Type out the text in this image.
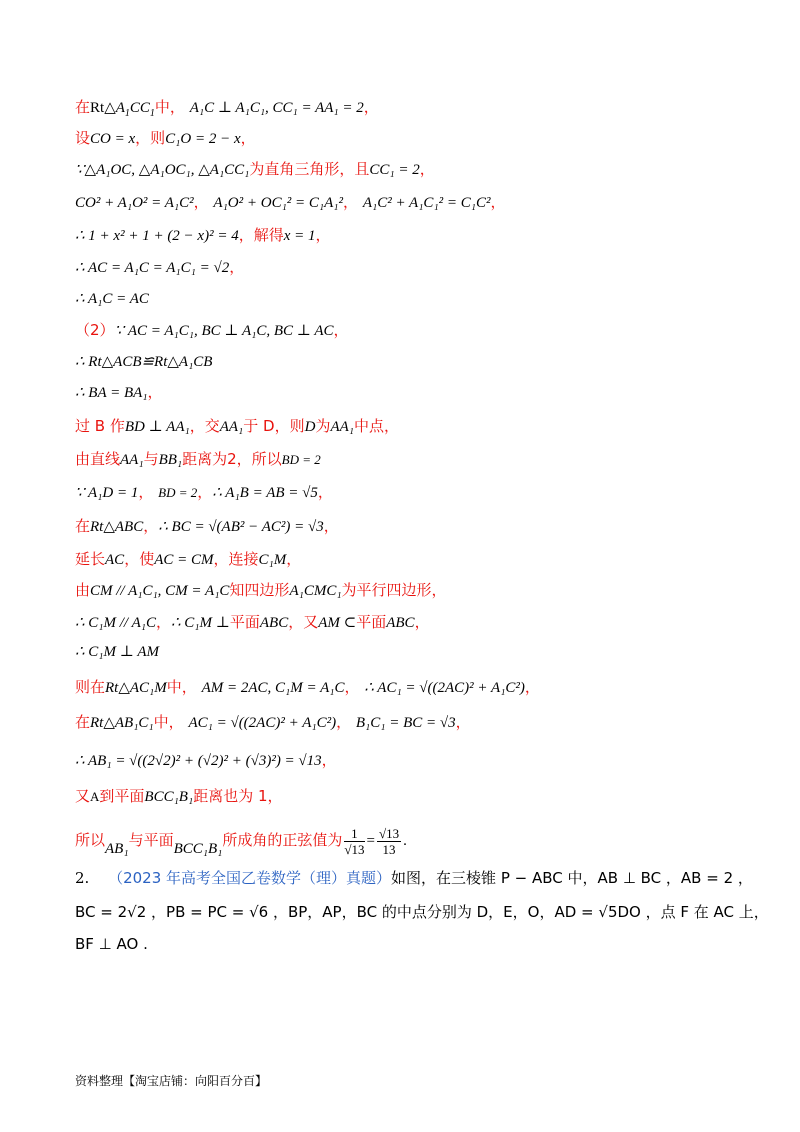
在$Rt\triangle A_1CC_1$中， A₁C ⊥ A₁C₁, CC₁ = AA₁ = 2，
设CO = x，则C₁O = 2 − x，
∵△A₁OC, △A₁OC₁, △A₁CC₁为直角三角形，且CC₁ = 2，
CO² + A₁O² = A₁C²， A₁O² + OC₁² = C₁A₁²， A₁C² + A₁C₁² = C₁C²，
∴ 1 + x² + 1 + (2 − x)² = 4，解得x = 1，
∴ AC = A₁C = A₁C₁ = √2，
∴ A₁C = AC
（2）∵ AC = A₁C₁, BC ⊥ A₁C, BC ⊥ AC，
∴ Rt△ACB≌Rt△A₁CB
∴ BA = BA₁，
过 B 作BD ⊥ AA₁，交AA₁于 D，则D为AA₁中点，
由直线AA₁与BB₁距离为2，所以BD = 2
∵ A₁D = 1， BD = 2，∴ A₁B = AB = √5，
在Rt△ABC，∴ BC = √(AB² − AC²) = √3，
延长AC，使AC = CM，连接C₁M，
由CM // A₁C₁, CM = A₁C知四边形A₁CMC₁为平行四边形，
∴ C₁M // A₁C，∴ C₁M ⊥平面ABC，又AM ⊂平面ABC，
∴ C₁M ⊥ AM
则在Rt△AC₁M中， AM = 2AC, C₁M = A₁C， ∴ AC₁ = √((2AC)² + A₁C²)，
在Rt△AB₁C₁中， AC₁ = √((2AC)² + A₁C²)， B₁C₁ = BC = √3，
∴ AB₁ = √((2√2)² + (√2)² + (√3)²) = √13，
又A到平面BCC₁B₁距离也为 1，
所以AB₁与平面BCC₁B₁所成角的正弦值为 $\frac{1}{√13} = \frac{√13}{13}$ .
2. （2023 年高考全国乙卷数学（理）真题）如图，在三棱锥 P − ABC 中，AB ⊥ BC ，AB = 2 ，
BC = 2√2 ，PB = PC = √6 ，BP，AP，BC 的中点分别为 D，E，O，AD = √5DO ，点 F 在 AC 上，
BF ⊥ AO .
资料整理【淘宝店铺：向阳百分百】
